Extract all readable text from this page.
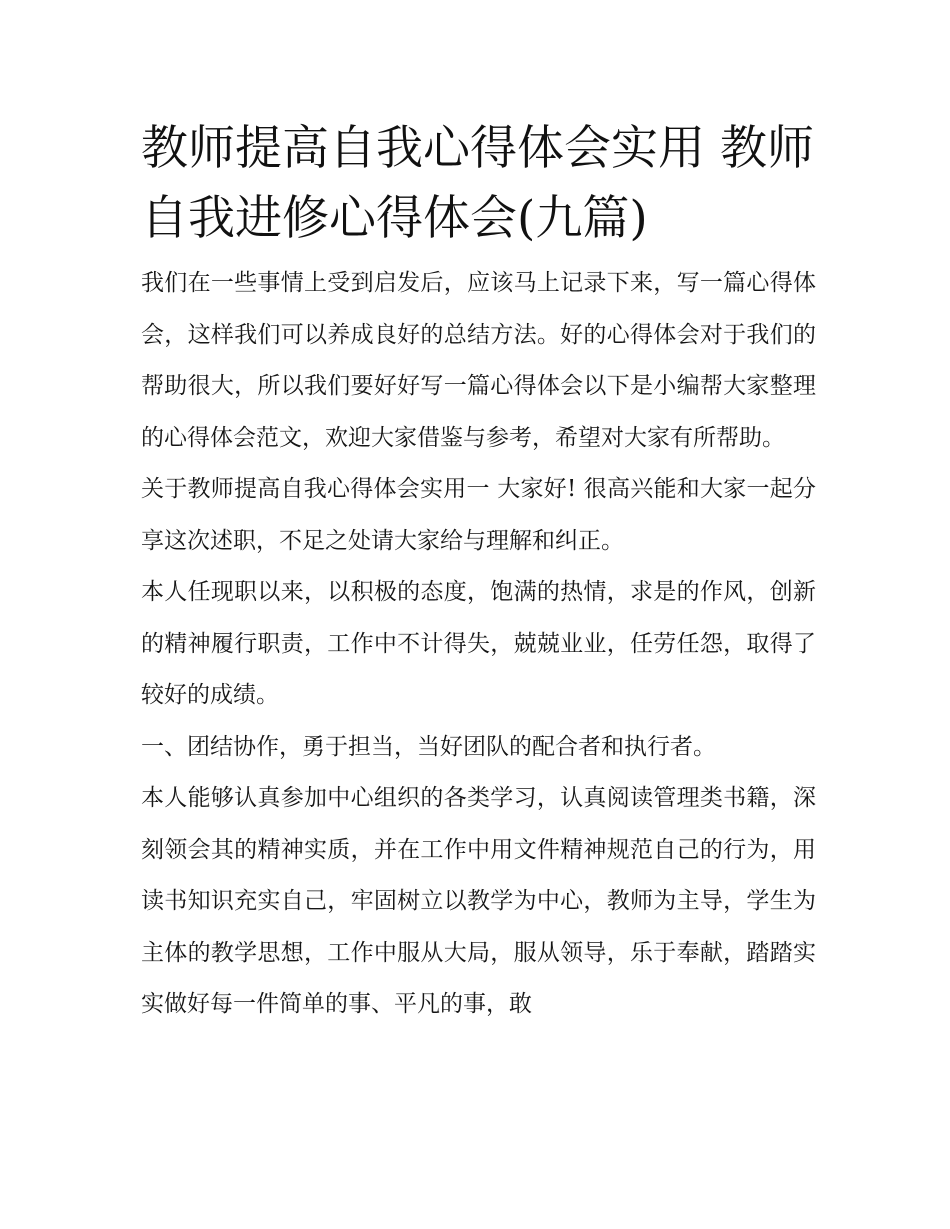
教师提高自我心得体会实用 教师自我进修心得体会(九篇)

我们在一些事情上受到启发后，应该马上记录下来，写一篇心得体会，这样我们可以养成良好的总结方法。好的心得体会对于我们的帮助很大，所以我们要好好写一篇心得体会以下是小编帮大家整理的心得体会范文，欢迎大家借鉴与参考，希望对大家有所帮助。

关于教师提高自我心得体会实用一 大家好! 很高兴能和大家一起分享这次述职，不足之处请大家给与理解和纠正。

本人任现职以来，以积极的态度，饱满的热情，求是的作风，创新的精神履行职责，工作中不计得失，兢兢业业，任劳任怨，取得了较好的成绩。

一、团结协作，勇于担当，当好团队的配合者和执行者。

本人能够认真参加中心组织的各类学习，认真阅读管理类书籍，深刻领会其的精神实质，并在工作中用文件精神规范自己的行为，用读书知识充实自己，牢固树立以教学为中心，教师为主导，学生为主体的教学思想，工作中服从大局，服从领导，乐于奉献，踏踏实实做好每一件简单的事、平凡的事，敢
